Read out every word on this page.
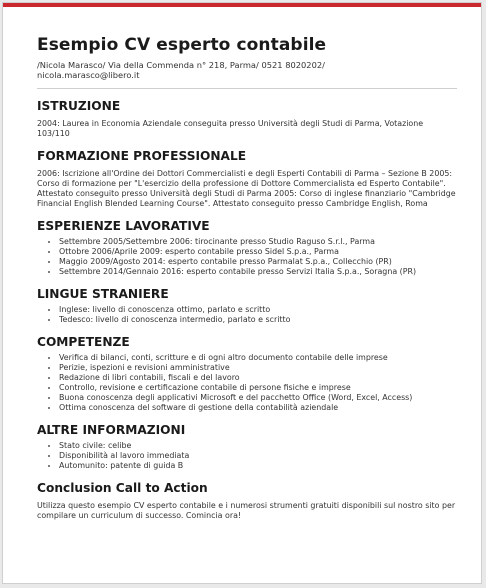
Esempio CV esperto contabile
/Nicola Marasco/ Via della Commenda n° 218, Parma/ 0521 8020202/ nicola.marasco@libero.it
ISTRUZIONE
2004: Laurea in Economia Aziendale conseguita presso Università degli Studi di Parma, Votazione 103/110
FORMAZIONE PROFESSIONALE
2006: Iscrizione all'Ordine dei Dottori Commercialisti e degli Esperti Contabili di Parma – Sezione B 2005: Corso di formazione per "L'esercizio della professione di Dottore Commercialista ed Esperto Contabile". Attestato conseguito presso Università degli Studi di Parma 2005: Corso di inglese finanziario "Cambridge Financial English Blended Learning Course". Attestato conseguito presso Cambridge English, Roma
ESPERIENZE LAVORATIVE
• Settembre 2005/Settembre 2006: tirocinante presso Studio Raguso S.r.l., Parma
• Ottobre 2006/Aprile 2009: esperto contabile presso Sidel S.p.a., Parma
• Maggio 2009/Agosto 2014: esperto contabile presso Parmalat S.p.a., Collecchio (PR)
• Settembre 2014/Gennaio 2016: esperto contabile presso Servizi Italia S.p.a., Soragna (PR)
LINGUE STRANIERE
• Inglese: livello di conoscenza ottimo, parlato e scritto
• Tedesco: livello di conoscenza intermedio, parlato e scritto
COMPETENZE
• Verifica di bilanci, conti, scritture e di ogni altro documento contabile delle imprese
• Perizie, ispezioni e revisioni amministrative
• Redazione di libri contabili, fiscali e del lavoro
• Controllo, revisione e certificazione contabile di persone fisiche e imprese
• Buona conoscenza degli applicativi Microsoft e del pacchetto Office (Word, Excel, Access)
• Ottima conoscenza del software di gestione della contabilità aziendale
ALTRE INFORMAZIONI
• Stato civile: celibe
• Disponibilità al lavoro immediata
• Automunito: patente di guida B
Conclusion Call to Action
Utilizza questo esempio CV esperto contabile e i numerosi strumenti gratuiti disponibili sul nostro sito per compilare un curriculum di successo. Comincia ora!
